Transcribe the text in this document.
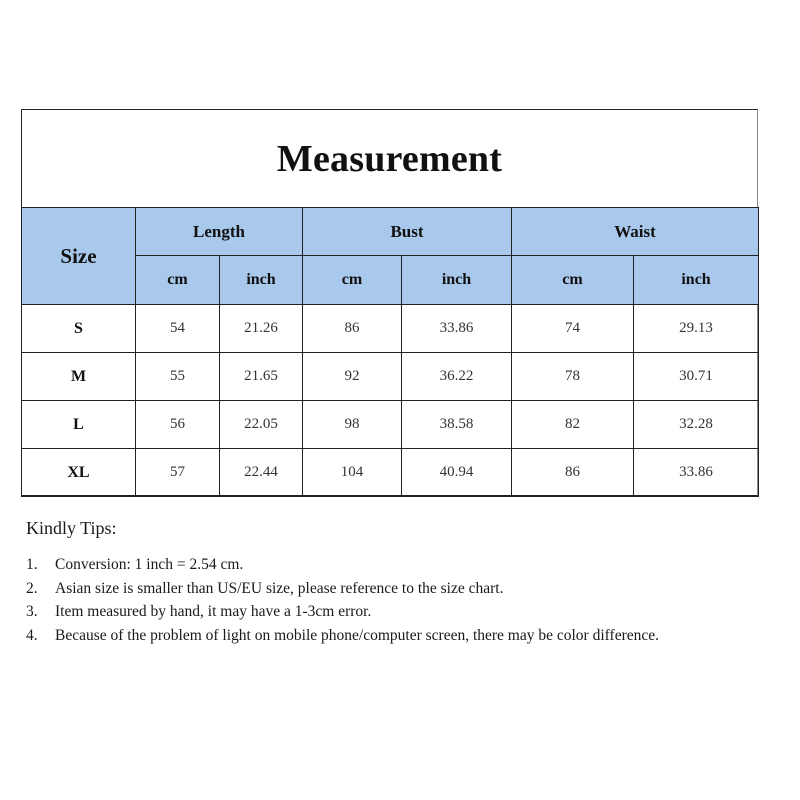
Measurement
Size	Length		Bust		Waist	
	cm	inch	cm	inch	cm	inch
S	54	21.26	86	33.86	74	29.13
M	55	21.65	92	36.22	78	30.71
L	56	22.05	98	38.58	82	32.28
XL	57	22.44	104	40.94	86	33.86
Kindly Tips:
1. Conversion: 1 inch = 2.54 cm.
2. Asian size is smaller than US/EU size, please reference to the size chart.
3. Item measured by hand, it may have a 1-3cm error.
4. Because of the problem of light on mobile phone/computer screen, there may be color difference.
